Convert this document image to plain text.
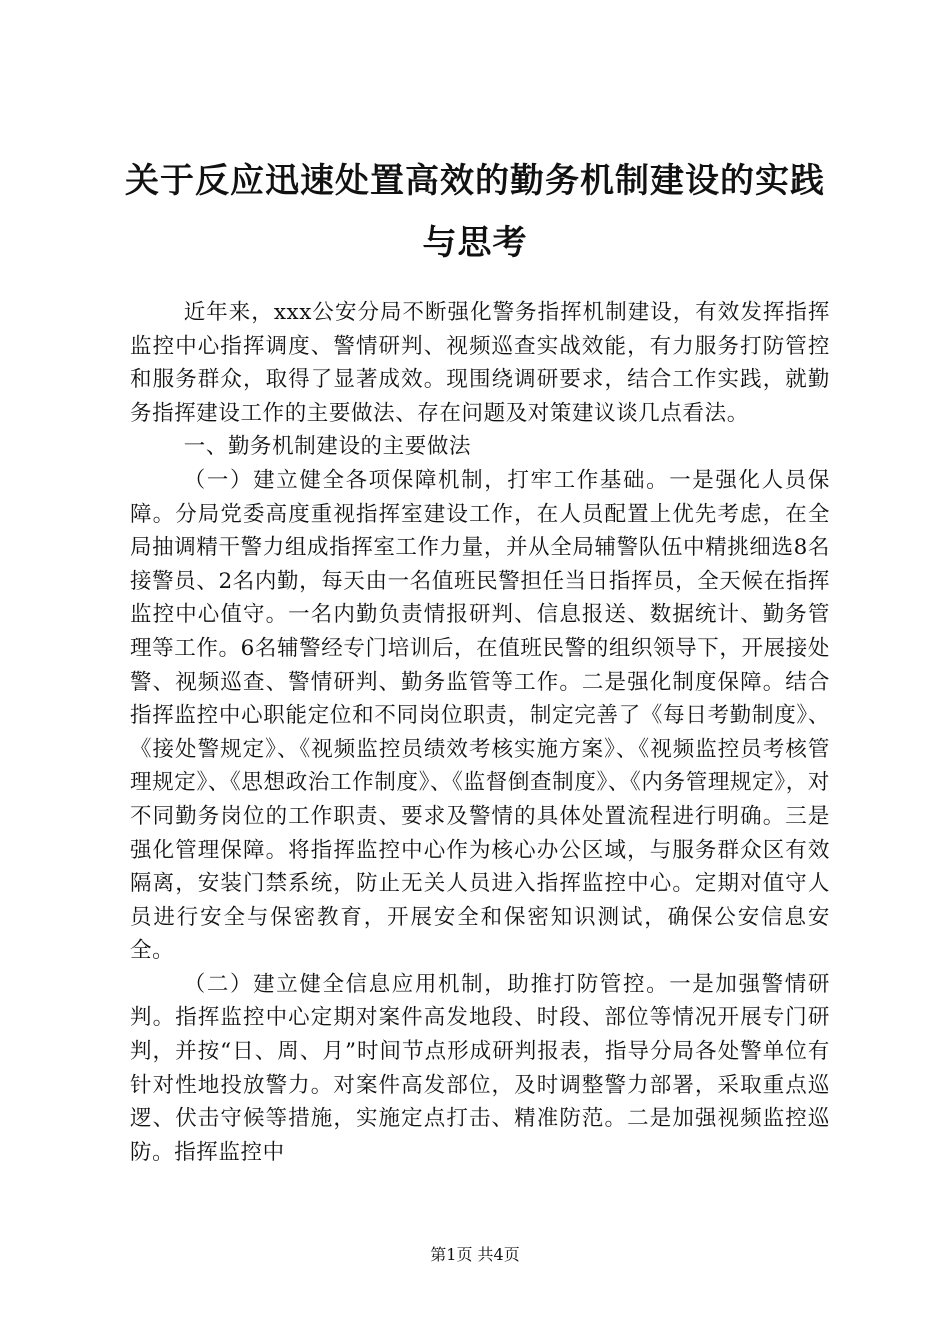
关于反应迅速处置高效的勤务机制建设的实践
与思考

近年来，xxx公安分局不断强化警务指挥机制建设，有效发挥指挥监控中心指挥调度、警情研判、视频巡查实战效能，有力服务打防管控和服务群众，取得了显著成效。现围绕调研要求，结合工作实践，就勤务指挥建设工作的主要做法、存在问题及对策建议谈几点看法。

一、勤务机制建设的主要做法

（一）建立健全各项保障机制，打牢工作基础。一是强化人员保障。分局党委高度重视指挥室建设工作，在人员配置上优先考虑，在全局抽调精干警力组成指挥室工作力量，并从全局辅警队伍中精挑细选8名接警员、2名内勤，每天由一名值班民警担任当日指挥员，全天候在指挥监控中心值守。一名内勤负责情报研判、信息报送、数据统计、勤务管理等工作。6名辅警经专门培训后，在值班民警的组织领导下，开展接处警、视频巡查、警情研判、勤务监管等工作。二是强化制度保障。结合指挥监控中心职能定位和不同岗位职责，制定完善了《每日考勤制度》、《接处警规定》、《视频监控员绩效考核实施方案》、《视频监控员考核管理规定》、《思想政治工作制度》、《监督倒查制度》、《内务管理规定》，对不同勤务岗位的工作职责、要求及警情的具体处置流程进行明确。三是强化管理保障。将指挥监控中心作为核心办公区域，与服务群众区有效隔离，安装门禁系统，防止无关人员进入指挥监控中心。定期对值守人员进行安全与保密教育，开展安全和保密知识测试，确保公安信息安全。

（二）建立健全信息应用机制，助推打防管控。一是加强警情研判。指挥监控中心定期对案件高发地段、时段、部位等情况开展专门研判，并按“日、周、月”时间节点形成研判报表，指导分局各处警单位有针对性地投放警力。对案件高发部位，及时调整警力部署，采取重点巡逻、伏击守候等措施，实施定点打击、精准防范。二是加强视频监控巡防。指挥监控中

第1页 共4页
